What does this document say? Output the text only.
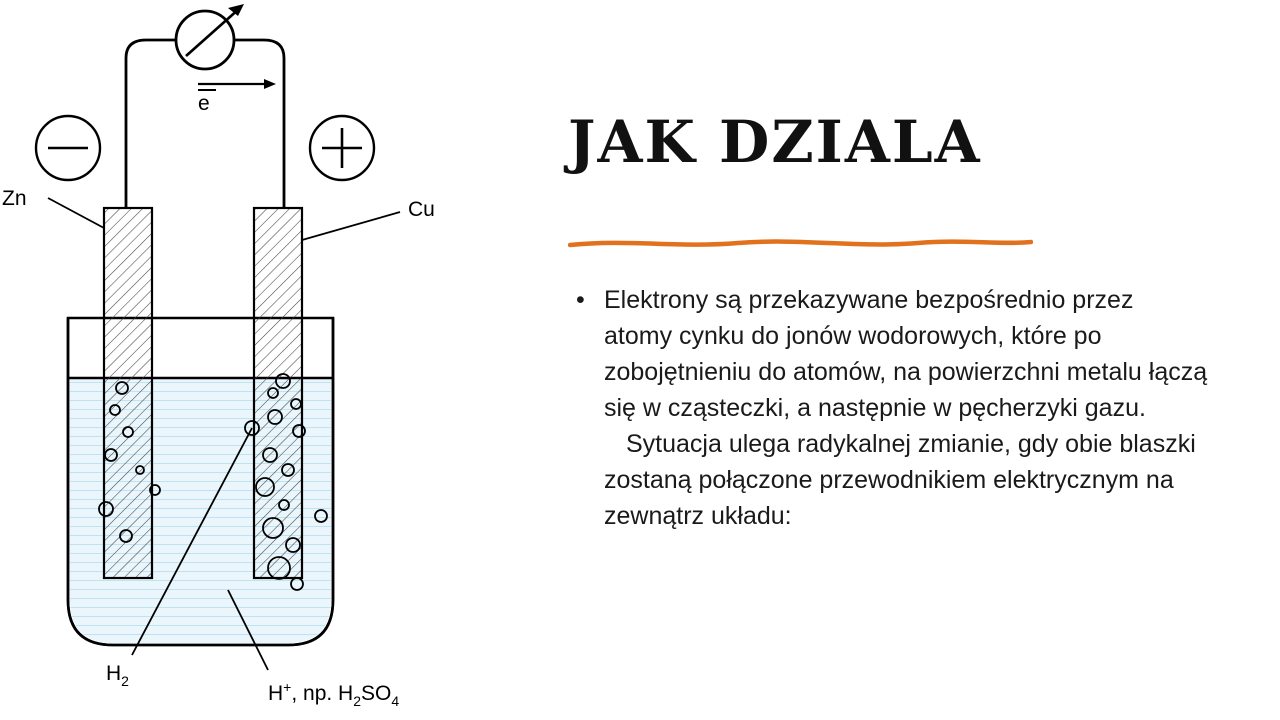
e
Zn	Cu
$H_2$
H+, np. $H_2SO_4$
JAK DZIALA
• Elektrony są przekazywane bezpośrednio przez atomy cynku do jonów wodorowych, które po zobojętnieniu do atomów, na powierzchni metalu łączą się w cząsteczki, a następnie w pęcherzyki gazu.
Sytuacja ulega radykalnej zmianie, gdy obie blaszki zostaną połączone przewodnikiem elektrycznym na zewnątrz układu:
